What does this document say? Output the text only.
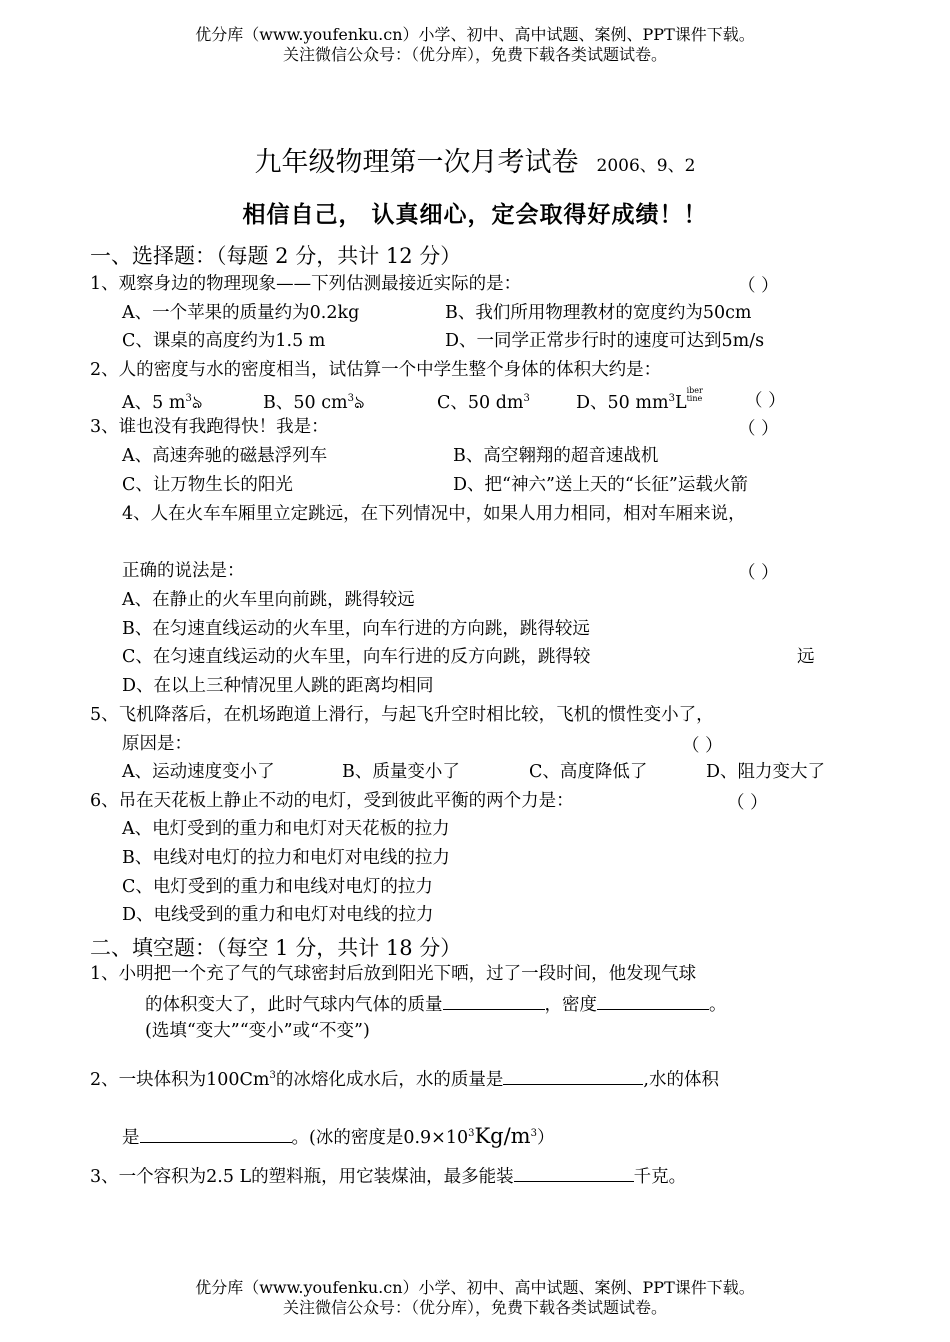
优分库（www.youfenku.cn）小学、初中、高中试题、案例、PPT课件下载。
关注微信公众号：（优分库），免费下载各类试题试卷。
九年级物理第一次月考试卷 2006、9、2
相信自己， 认真细心，定会取得好成绩！！
一、选择题：（每题 2 分，共计 12 分）
1、观察身边的物理现象——下列估测最接近实际的是：	（ ）
A、一个苹果的质量约为0.2kg	B、我们所用物理教材的宽度约为50cm
C、课桌的高度约为1.5 m	D、一同学正常步行时的速度可达到5m/s
2、人的密度与水的密度相当，试估算一个中学生整个身体的体积大约是：
A、5 $m^3ঌ$	B、50 $cm^3ঌ$	C、50 $dm^3$	D、50 $mm^3Liber$
tine （ ）
3、谁也没有我跑得快！我是：	（ ）
A、高速奔驰的磁悬浮列车	B、高空翱翔的超音速战机
C、让万物生长的阳光	D、把“神六”送上天的“长征”运载火箭
4、人在火车车厢里立定跳远，在下列情况中，如果人用力相同，相对车厢来说，
正确的说法是：	（ ）
A、在静止的火车里向前跳，跳得较远
B、在匀速直线运动的火车里，向车行进的方向跳，跳得较远
C、在匀速直线运动的火车里，向车行进的反方向跳，跳得较	远
D、在以上三种情况里人跳的距离均相同
5、飞机降落后，在机场跑道上滑行，与起飞升空时相比较，飞机的惯性变小了，
原因是：	（ ）
A、运动速度变小了	B、质量变小了	C、高度降低了	D、阻力变大了
6、吊在天花板上静止不动的电灯，受到彼此平衡的两个力是：	（ ）
A、电灯受到的重力和电灯对天花板的拉力
B、电线对电灯的拉力和电灯对电线的拉力
C、电灯受到的重力和电线对电灯的拉力
D、电线受到的重力和电灯对电线的拉力
二、填空题：（每空 1 分，共计 18 分）
1、小明把一个充了气的气球密封后放到阳光下晒，过了一段时间，他发现气球
的体积变大了，此时气球内气体的质量	，密度	。
(选填“变大”“变小”或“不变”)
2、一块体积为100Cm$^3$的冰熔化成水后，水的质量是	,水的体积
是	。(冰的密度是$0.9\times 10^3Kg/m^3$）
3、一个容积为2.5 L的塑料瓶，用它装煤油，最多能装	千克。
优分库（www.youfenku.cn）小学、初中、高中试题、案例、PPT课件下载。
关注微信公众号：（优分库），免费下载各类试题试卷。
